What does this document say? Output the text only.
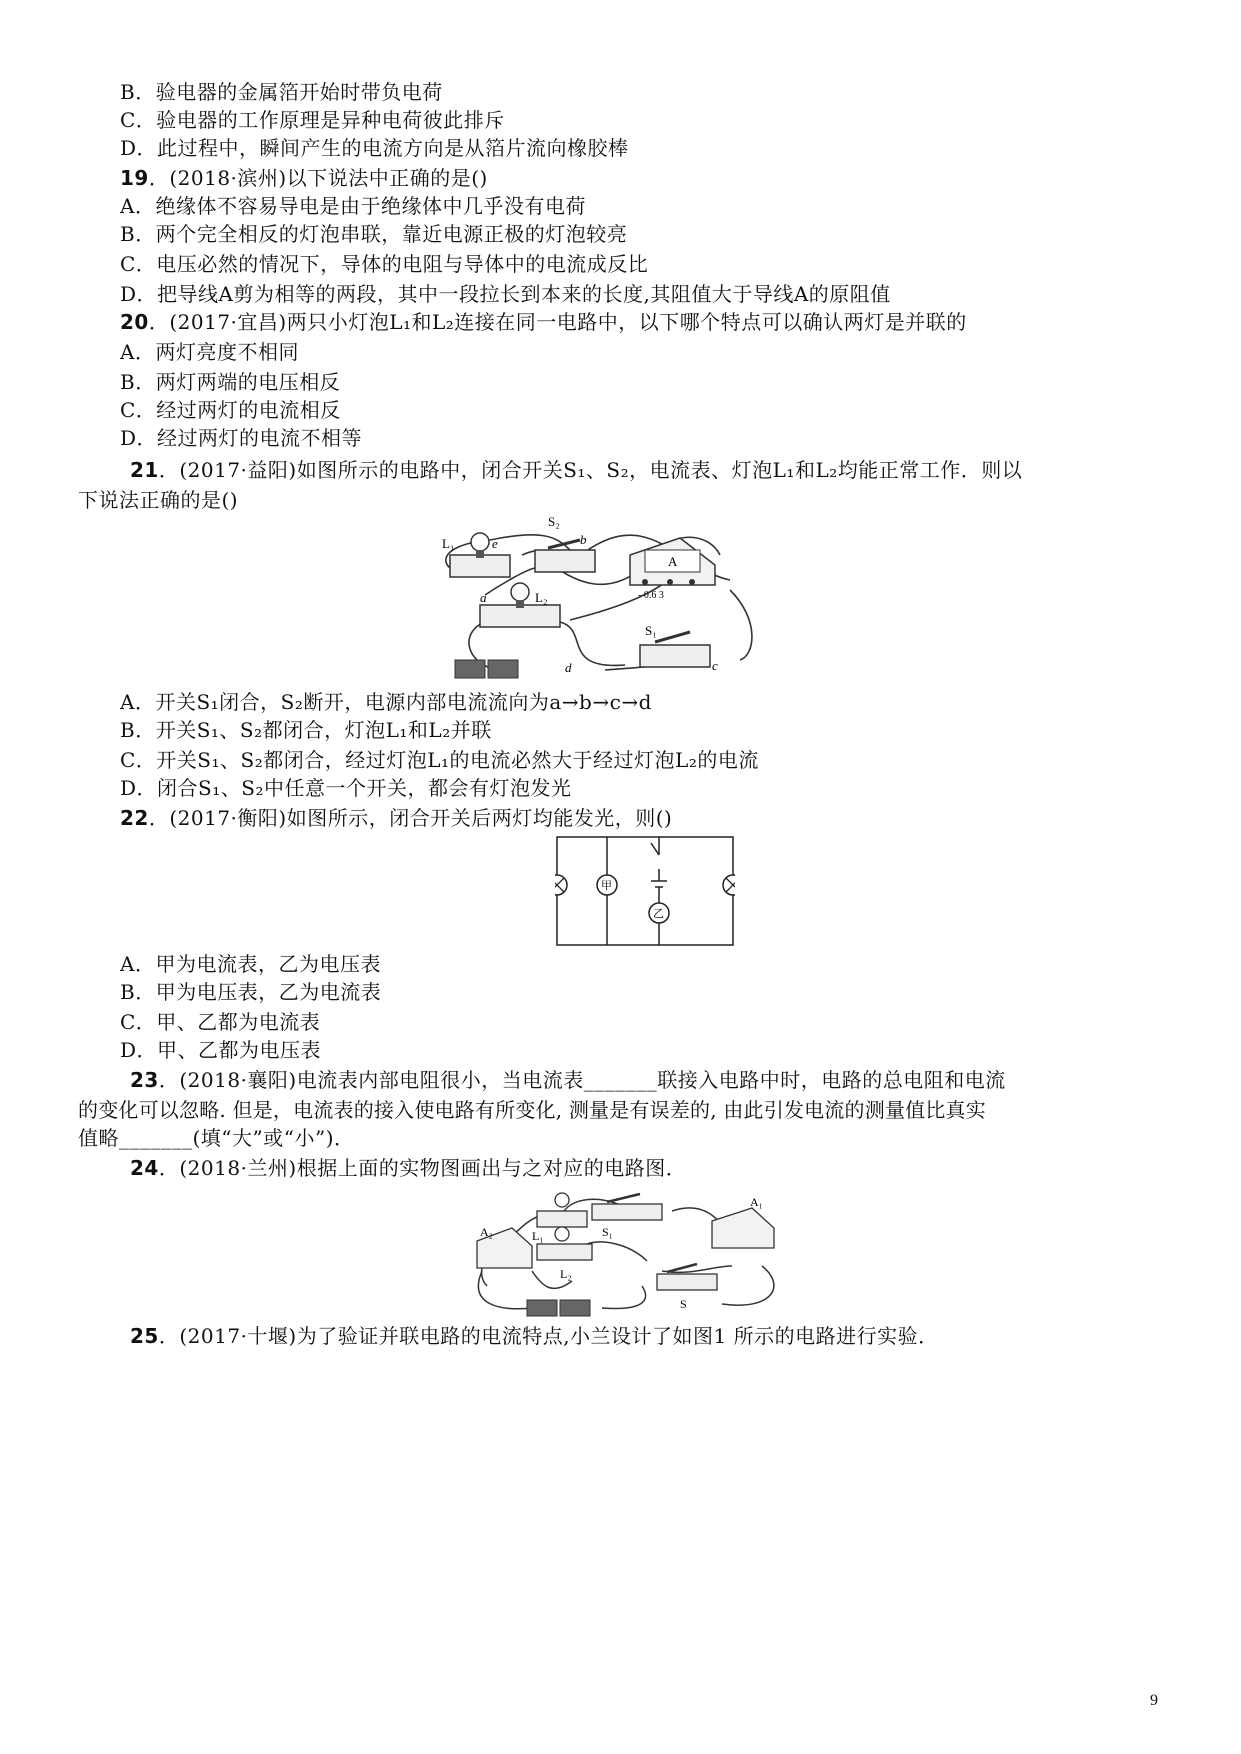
B．验电器的金属箔开始时带负电荷
C．验电器的工作原理是异种电荷彼此排斥
D．此过程中，瞬间产生的电流方向是从箔片流向橡胶棒
19．(2018·滨州)以下说法中正确的是()
A．绝缘体不容易导电是由于绝缘体中几乎没有电荷
B．两个完全相反的灯泡串联，靠近电源正极的灯泡较亮
C．电压必然的情况下，导体的电阻与导体中的电流成反比
D．把导线A剪为相等的两段，其中一段拉长到本来的长度,其阻值大于导线A的原阻值
20．(2017·宜昌)两只小灯泡L₁和L₂连接在同一电路中，以下哪个特点可以确认两灯是并联的
A．两灯亮度不相同
B．两灯两端的电压相反
C．经过两灯的电流相反
D．经过两灯的电流不相等
21．(2017·益阳)如图所示的电路中，闭合开关S₁、S₂，电流表、灯泡L₁和L₂均能正常工作．则以
下说法正确的是()
L₁	e
S₂
b
a	L₂
A
- 0.6 3
S₁
c
d
A．开关S₁闭合，S₂断开，电源内部电流流向为a→b→c→d
B．开关S₁、S₂都闭合，灯泡L₁和L₂并联
C．开关S₁、S₂都闭合，经过灯泡L₁的电流必然大于经过灯泡L₂的电流
D．闭合S₁、S₂中任意一个开关，都会有灯泡发光
22．(2017·衡阳)如图所示，闭合开关后两灯均能发光，则()
甲
乙
A．甲为电流表，乙为电压表
B．甲为电压表，乙为电流表
C．甲、乙都为电流表
D．甲、乙都为电压表
23．(2018·襄阳)电流表内部电阻很小，当电流表_______联接入电路中时，电路的总电阻和电流
的变化可以忽略. 但是，电流表的接入使电路有所变化, 测量是有误差的, 由此引发电流的测量值比真实
值略_______(填“大”或“小”)．
24．(2018·兰州)根据上面的实物图画出与之对应的电路图．
A₂	L₁	S₁
L₂
A₁
S
25．(2017·十堰)为了验证并联电路的电流特点,小兰设计了如图1 所示的电路进行实验．
9
